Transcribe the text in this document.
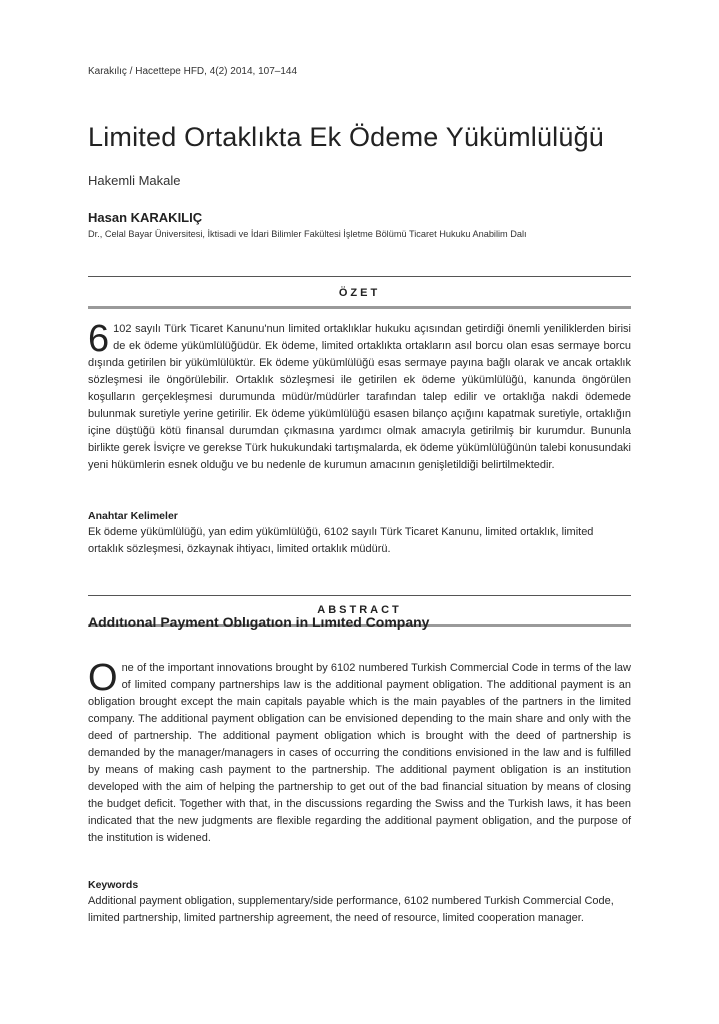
Karakılıç / Hacettepe HFD, 4(2) 2014, 107–144
Limited Ortaklıkta Ek Ödeme Yükümlülüğü
Hakemli Makale
Hasan KARAKILIÇ
Dr., Celal Bayar Üniversitesi, İktisadi ve İdari Bilimler Fakültesi İşletme Bölümü Ticaret Hukuku Anabilim Dalı
ÖZET

6 102 sayılı Türk Ticaret Kanunu'nun limited ortaklıklar hukuku açısından getirdiği önemli yeniliklerden birisi de ek ödeme yükümlülüğüdür. Ek ödeme, limited ortaklıkta ortakların asıl borcu olan esas sermaye borcu dışında getirilen bir yükümlülüktür. Ek ödeme yükümlülüğü esas sermaye payına bağlı olarak ve ancak ortaklık sözleşmesi ile öngörülebilir. Ortaklık sözleşmesi ile getirilen ek ödeme yükümlülüğü, kanunda öngörülen koşulların gerçekleşmesi durumunda müdür/müdürler tarafından talep edilir ve ortaklığa nakdi ödemede bulunmak suretiyle yerine getirilir. Ek ödeme yükümlülüğü esasen bilanço açığını kapatmak suretiyle, ortaklığın içine düştüğü kötü finansal durumdan çıkmasına yardımcı olmak amacıyla getirilmiş bir kurumdur. Bununla birlikte gerek İsviçre ve gerekse Türk hukukundaki tartışmalarda, ek ödeme yükümlülüğünün talebi konusundaki yeni hükümlerin esnek olduğu ve bu nedenle de kurumun amacının genişletildiği belirtilmektedir.

Anahtar Kelimeler

Ek ödeme yükümlülüğü, yan edim yükümlülüğü, 6102 sayılı Türk Ticaret Kanunu, limited ortaklık, limited ortaklık sözleşmesi, özkaynak ihtiyacı, limited ortaklık müdürü.

ABSTRACT
Addıtıonal Payment Oblıgatıon in Lımıted Company

One of the important innovations brought by 6102 numbered Turkish Commercial Code in terms of the law of limited company partnerships law is the additional payment obligation. The additional payment is an obligation brought except the main capitals payable which is the main payables of the partners in the limited company. The additional payment obligation can be envisioned depending to the main share and only with the deed of partnership. The additional payment obligation which is brought with the deed of partnership is demanded by the manager/managers in cases of occurring the conditions envisioned in the law and is fulfilled by means of making cash payment to the partnership. The additional payment obligation is an institution developed with the aim of helping the partnership to get out of the bad financial situation by means of closing the budget deficit. Together with that, in the discussions regarding the Swiss and the Turkish laws, it has been indicated that the new judgments are flexible regarding the additional payment obligation, and the purpose of the institution is widened.

Keywords

Additional payment obligation, supplementary/side performance, 6102 numbered Turkish Commercial Code, limited partnership, limited partnership agreement, the need of resource, limited cooperation manager.
